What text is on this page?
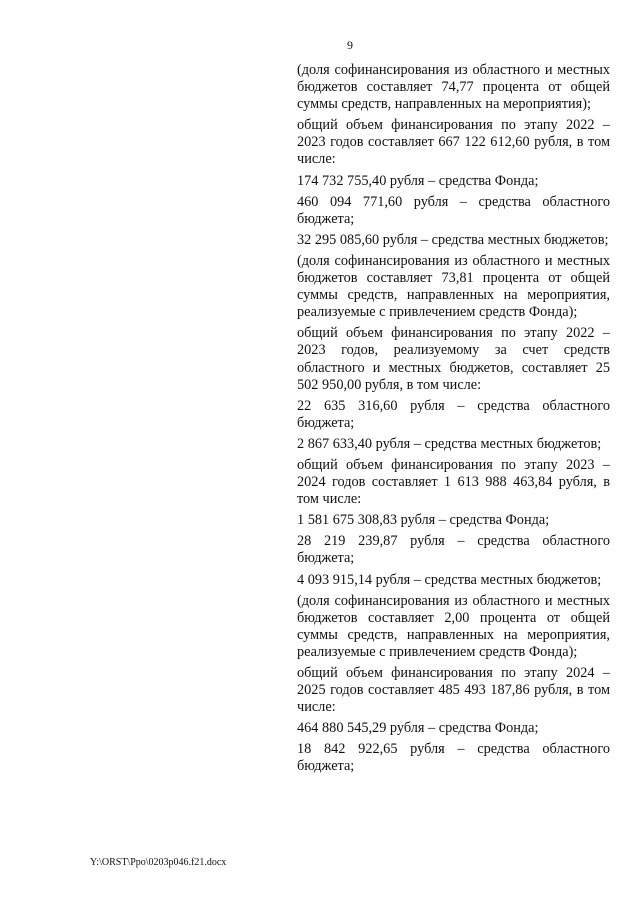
9

(доля софинансирования из областного и местных бюджетов составляет 74,77 процента от общей суммы средств, направленных на мероприятия);

общий объем финансирования по этапу 2022 – 2023 годов составляет 667 122 612,60 рубля, в том числе:

174 732 755,40 рубля – средства Фонда;

460 094 771,60 рубля – средства областного бюджета;

32 295 085,60 рубля – средства местных бюджетов;

(доля софинансирования из областного и местных бюджетов составляет 73,81 процента от общей суммы средств, направленных на мероприятия, реализуемые с привлечением средств Фонда);

общий объем финансирования по этапу 2022 – 2023 годов, реализуемому за счет средств областного и местных бюджетов, составляет 25 502 950,00 рубля, в том числе:

22 635 316,60 рубля – средства областного бюджета;

2 867 633,40 рубля – средства местных бюджетов;

общий объем финансирования по этапу 2023 – 2024 годов составляет 1 613 988 463,84 рубля, в том числе:

1 581 675 308,83 рубля – средства Фонда;

28 219 239,87 рубля – средства областного бюджета;

4 093 915,14 рубля – средства местных бюджетов;

(доля софинансирования из областного и местных бюджетов составляет 2,00 процента от общей суммы средств, направленных на мероприятия, реализуемые с привлечением средств Фонда);

общий объем финансирования по этапу 2024 – 2025 годов составляет 485 493 187,86 рубля, в том числе:

464 880 545,29 рубля – средства Фонда;

18 842 922,65 рубля – средства областного бюджета;

Y:\ORST\Ppo\0203p046.f21.docx
